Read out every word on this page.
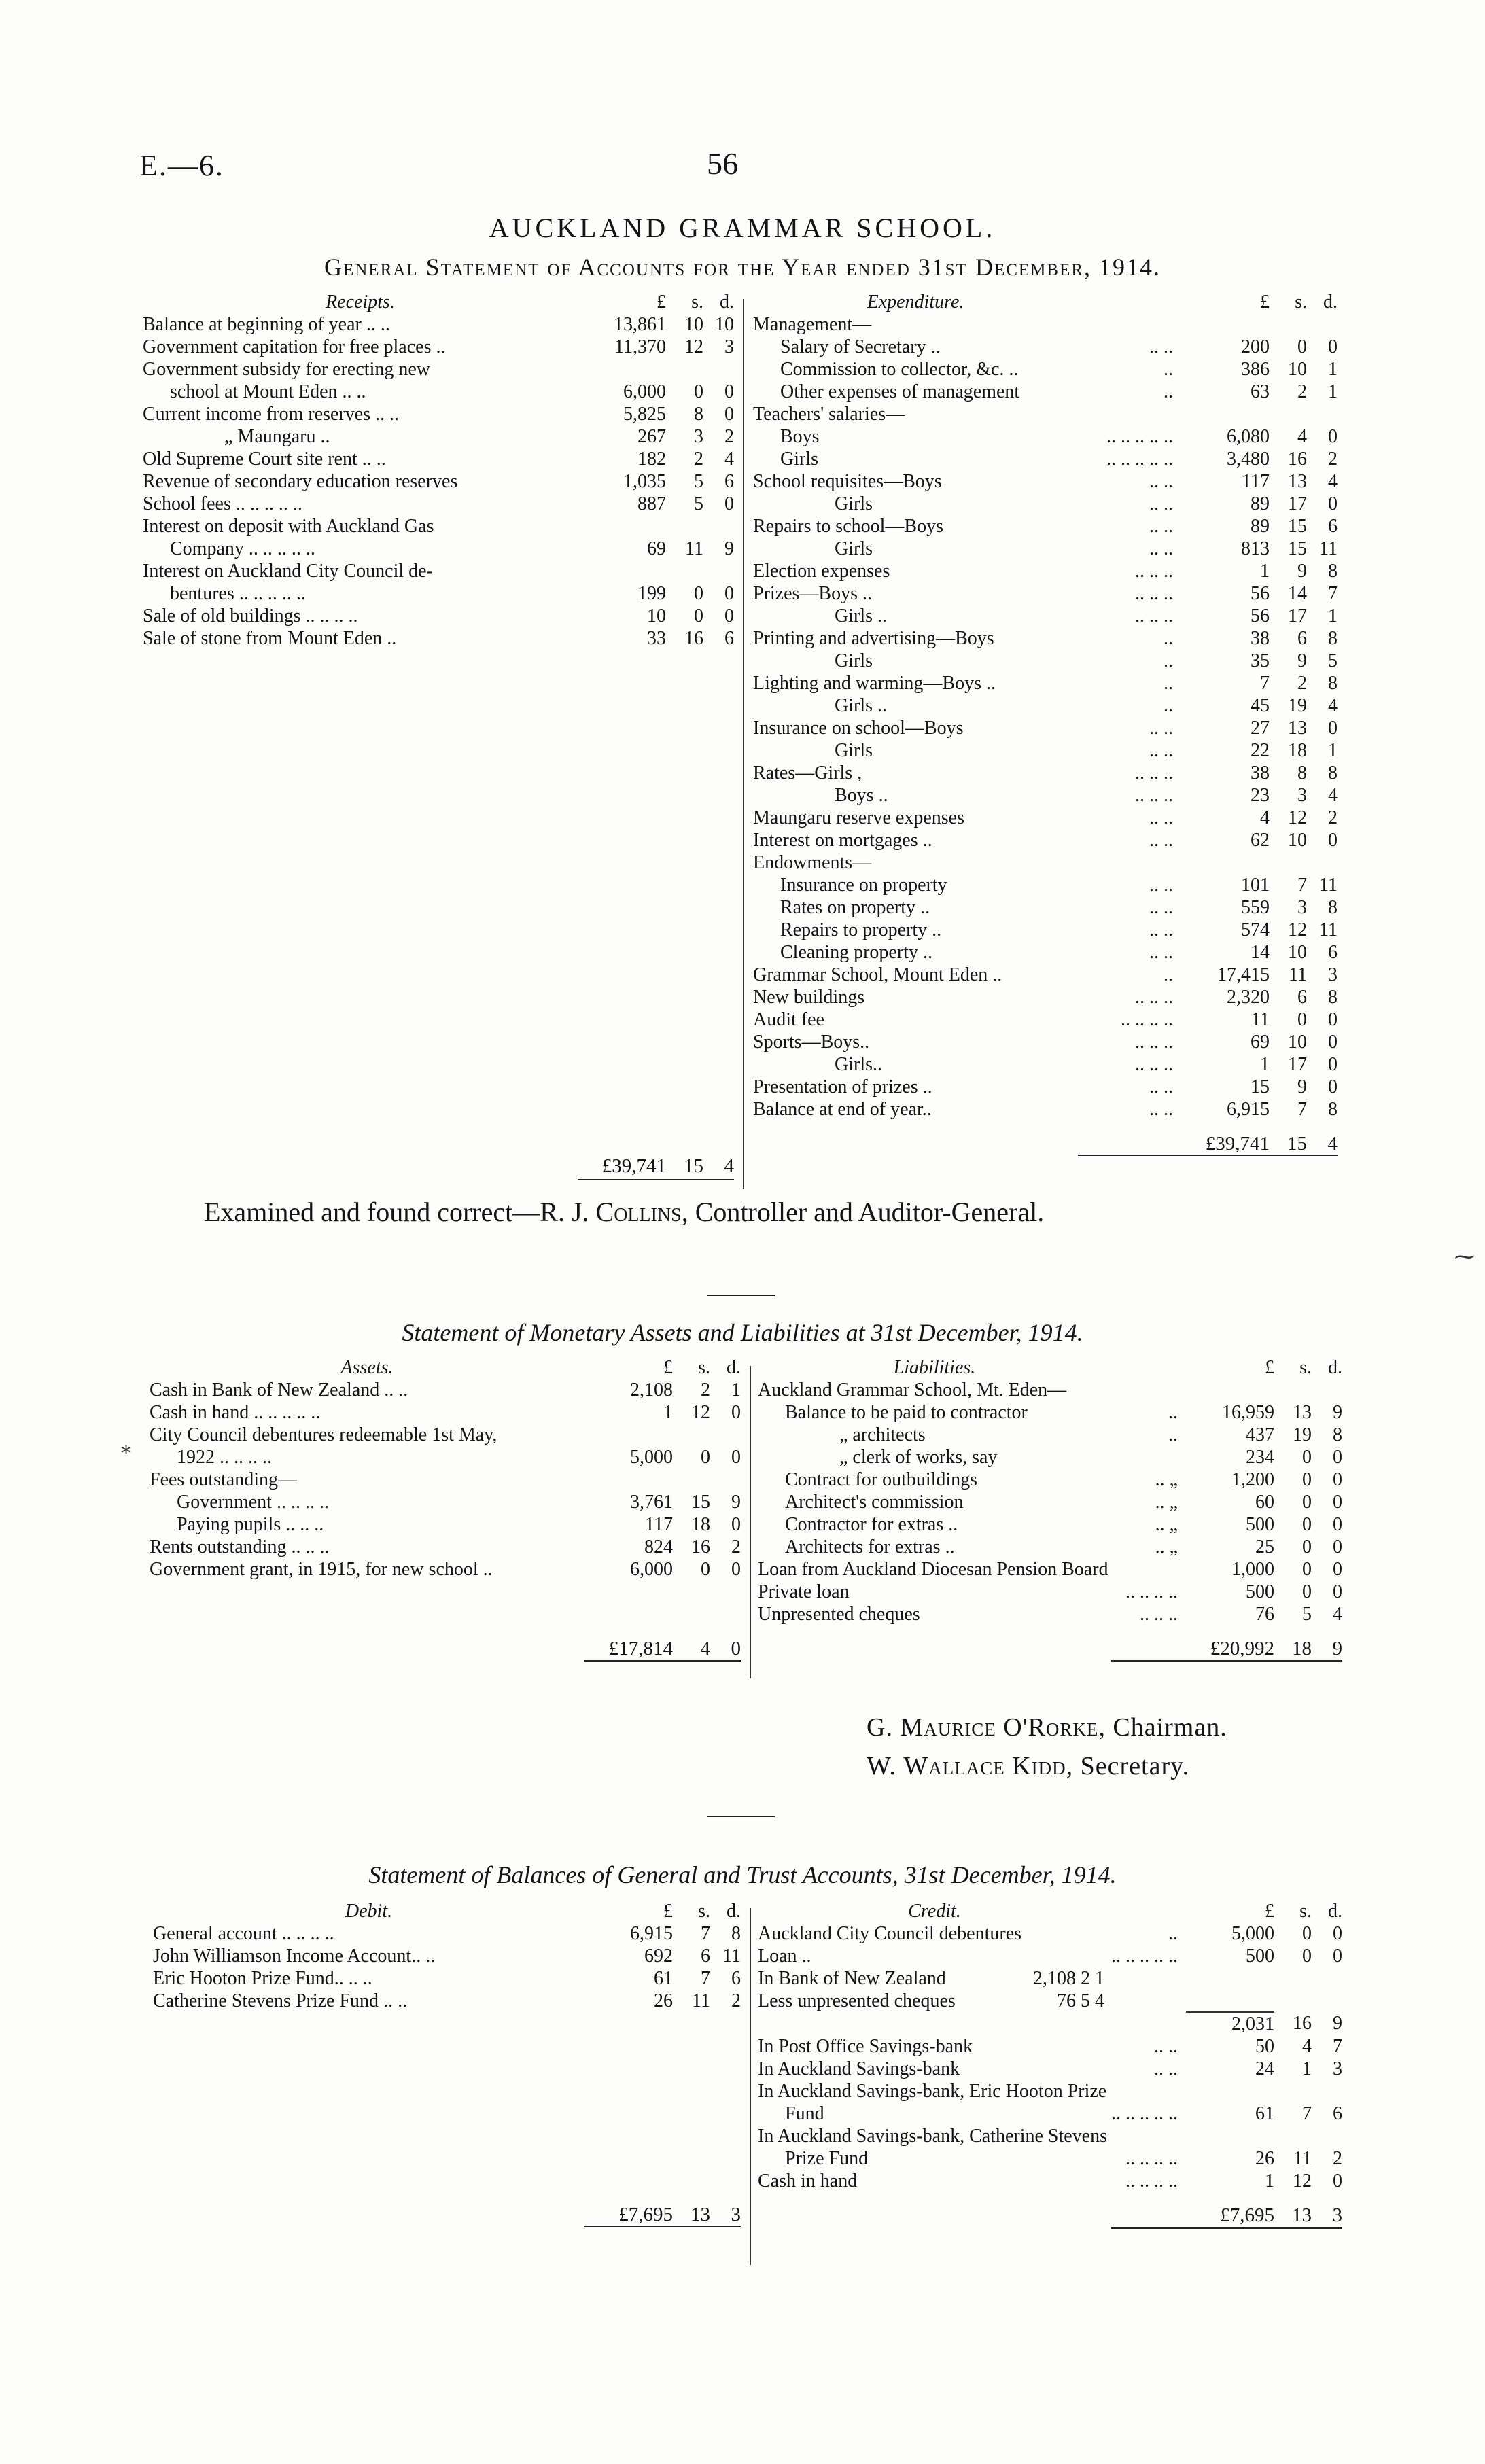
E.—6.	56
AUCKLAND GRAMMAR SCHOOL.
General Statement of Accounts for the Year ended 31st December, 1914.
Receipts.	£	s.	d.
Balance at beginning of year .. ..	13,861	10	10
Government capitation for free places ..	11,370	12	3
Government subsidy for erecting new			
school at Mount Eden .. ..	6,000	0	0
Current income from reserves .. ..	5,825	8	0
„ Maungaru ..	267	3	2
Old Supreme Court site rent .. ..	182	2	4
Revenue of secondary education reserves	1,035	5	6
School fees .. .. .. .. ..	887	5	0
Interest on deposit with Auckland Gas			
Company .. .. .. .. ..	69	11	9
Interest on Auckland City Council de-			
bentures .. .. .. .. ..	199	0	0
Sale of old buildings .. .. .. ..	10	0	0
Sale of stone from Mount Eden ..	33	16	6

	£39,741	15	4
Expenditure.		£	s.	d.
Management—				
Salary of Secretary ..	.. ..	200	0	0
Commission to collector, &c. ..	..	386	10	1
Other expenses of management	..	63	2	1
Teachers' salaries—				
Boys	.. .. .. .. ..	6,080	4	0
Girls	.. .. .. .. ..	3,480	16	2
School requisites—Boys	.. ..	117	13	4
Girls	.. ..	89	17	0
Repairs to school—Boys	.. ..	89	15	6
Girls	.. ..	813	15	11
Election expenses	.. .. ..	1	9	8
Prizes—Boys ..	.. .. ..	56	14	7
Girls ..	.. .. ..	56	17	1
Printing and advertising—Boys	..	38	6	8
Girls	..	35	9	5
Lighting and warming—Boys ..	..	7	2	8
Girls ..	..	45	19	4
Insurance on school—Boys	.. ..	27	13	0
Girls	.. ..	22	18	1
Rates—Girls ,	.. .. ..	38	8	8
Boys ..	.. .. ..	23	3	4
Maungaru reserve expenses	.. ..	4	12	2
Interest on mortgages ..	.. ..	62	10	0
Endowments—				
Insurance on property	.. ..	101	7	11
Rates on property ..	.. ..	559	3	8
Repairs to property ..	.. ..	574	12	11
Cleaning property ..	.. ..	14	10	6
Grammar School, Mount Eden ..	..	17,415	11	3
New buildings	.. .. ..	2,320	6	8
Audit fee	.. .. .. ..	11	0	0
Sports—Boys..	.. .. ..	69	10	0
Girls..	.. .. ..	1	17	0
Presentation of prizes ..	.. ..	15	9	0
Balance at end of year..	.. ..	6,915	7	8
		£39,741	15	4
Examined and found correct—R. J. Collins, Controller and Auditor-General.
⁓
Statement of Monetary Assets and Liabilities at 31st December, 1914.
Assets.	£	s.	d.
Cash in Bank of New Zealand .. ..	2,108	2	1
Cash in hand .. .. .. .. ..	1	12	0
City Council debentures redeemable 1st May,			
1922 .. .. .. ..	5,000	0	0
Fees outstanding—			
Government .. .. .. ..	3,761	15	9
Paying pupils .. .. ..	117	18	0
Rents outstanding .. .. ..	824	16	2
Government grant, in 1915, for new school ..	6,000	0	0

	£17,814	4	0
Liabilities.		£	s.	d.
Auckland Grammar School, Mt. Eden—				
Balance to be paid to contractor	..	16,959	13	9
„ architects	..	437	19	8
„ clerk of works, say		234	0	0
Contract for outbuildings	.. „	1,200	0	0
Architect's commission	.. „	60	0	0
Contractor for extras ..	.. „	500	0	0
Architects for extras ..	.. „	25	0	0
Loan from Auckland Diocesan Pension Board		1,000	0	0
Private loan	.. .. .. ..	500	0	0
Unpresented cheques	.. .. ..	76	5	4
		£20,992	18	9
⁎
G. Maurice O'Rorke, Chairman.
W. Wallace Kidd, Secretary.
Statement of Balances of General and Trust Accounts, 31st December, 1914.
Debit.	£	s.	d.
General account .. .. .. ..	6,915	7	8
John Williamson Income Account.. ..	692	6	11
Eric Hooton Prize Fund.. .. ..	61	7	6
Catherine Stevens Prize Fund .. ..	26	11	2

	£7,695	13	3
Credit.		£	s.	d.
Auckland City Council debentures	..	5,000	0	0
Loan ..	.. .. .. .. ..	500	0	0
In Bank of New Zealand 2,108 2 1				

Less unpresented cheques 76 5 4				

		2,031	16	9
In Post Office Savings-bank	.. ..	50	4	7
In Auckland Savings-bank	.. ..	24	1	3
In Auckland Savings-bank, Eric Hooton Prize				
Fund	.. .. .. .. ..	61	7	6
In Auckland Savings-bank, Catherine Stevens				
Prize Fund	.. .. .. ..	26	11	2
Cash in hand	.. .. .. ..	1	12	0
		£7,695	13	3
